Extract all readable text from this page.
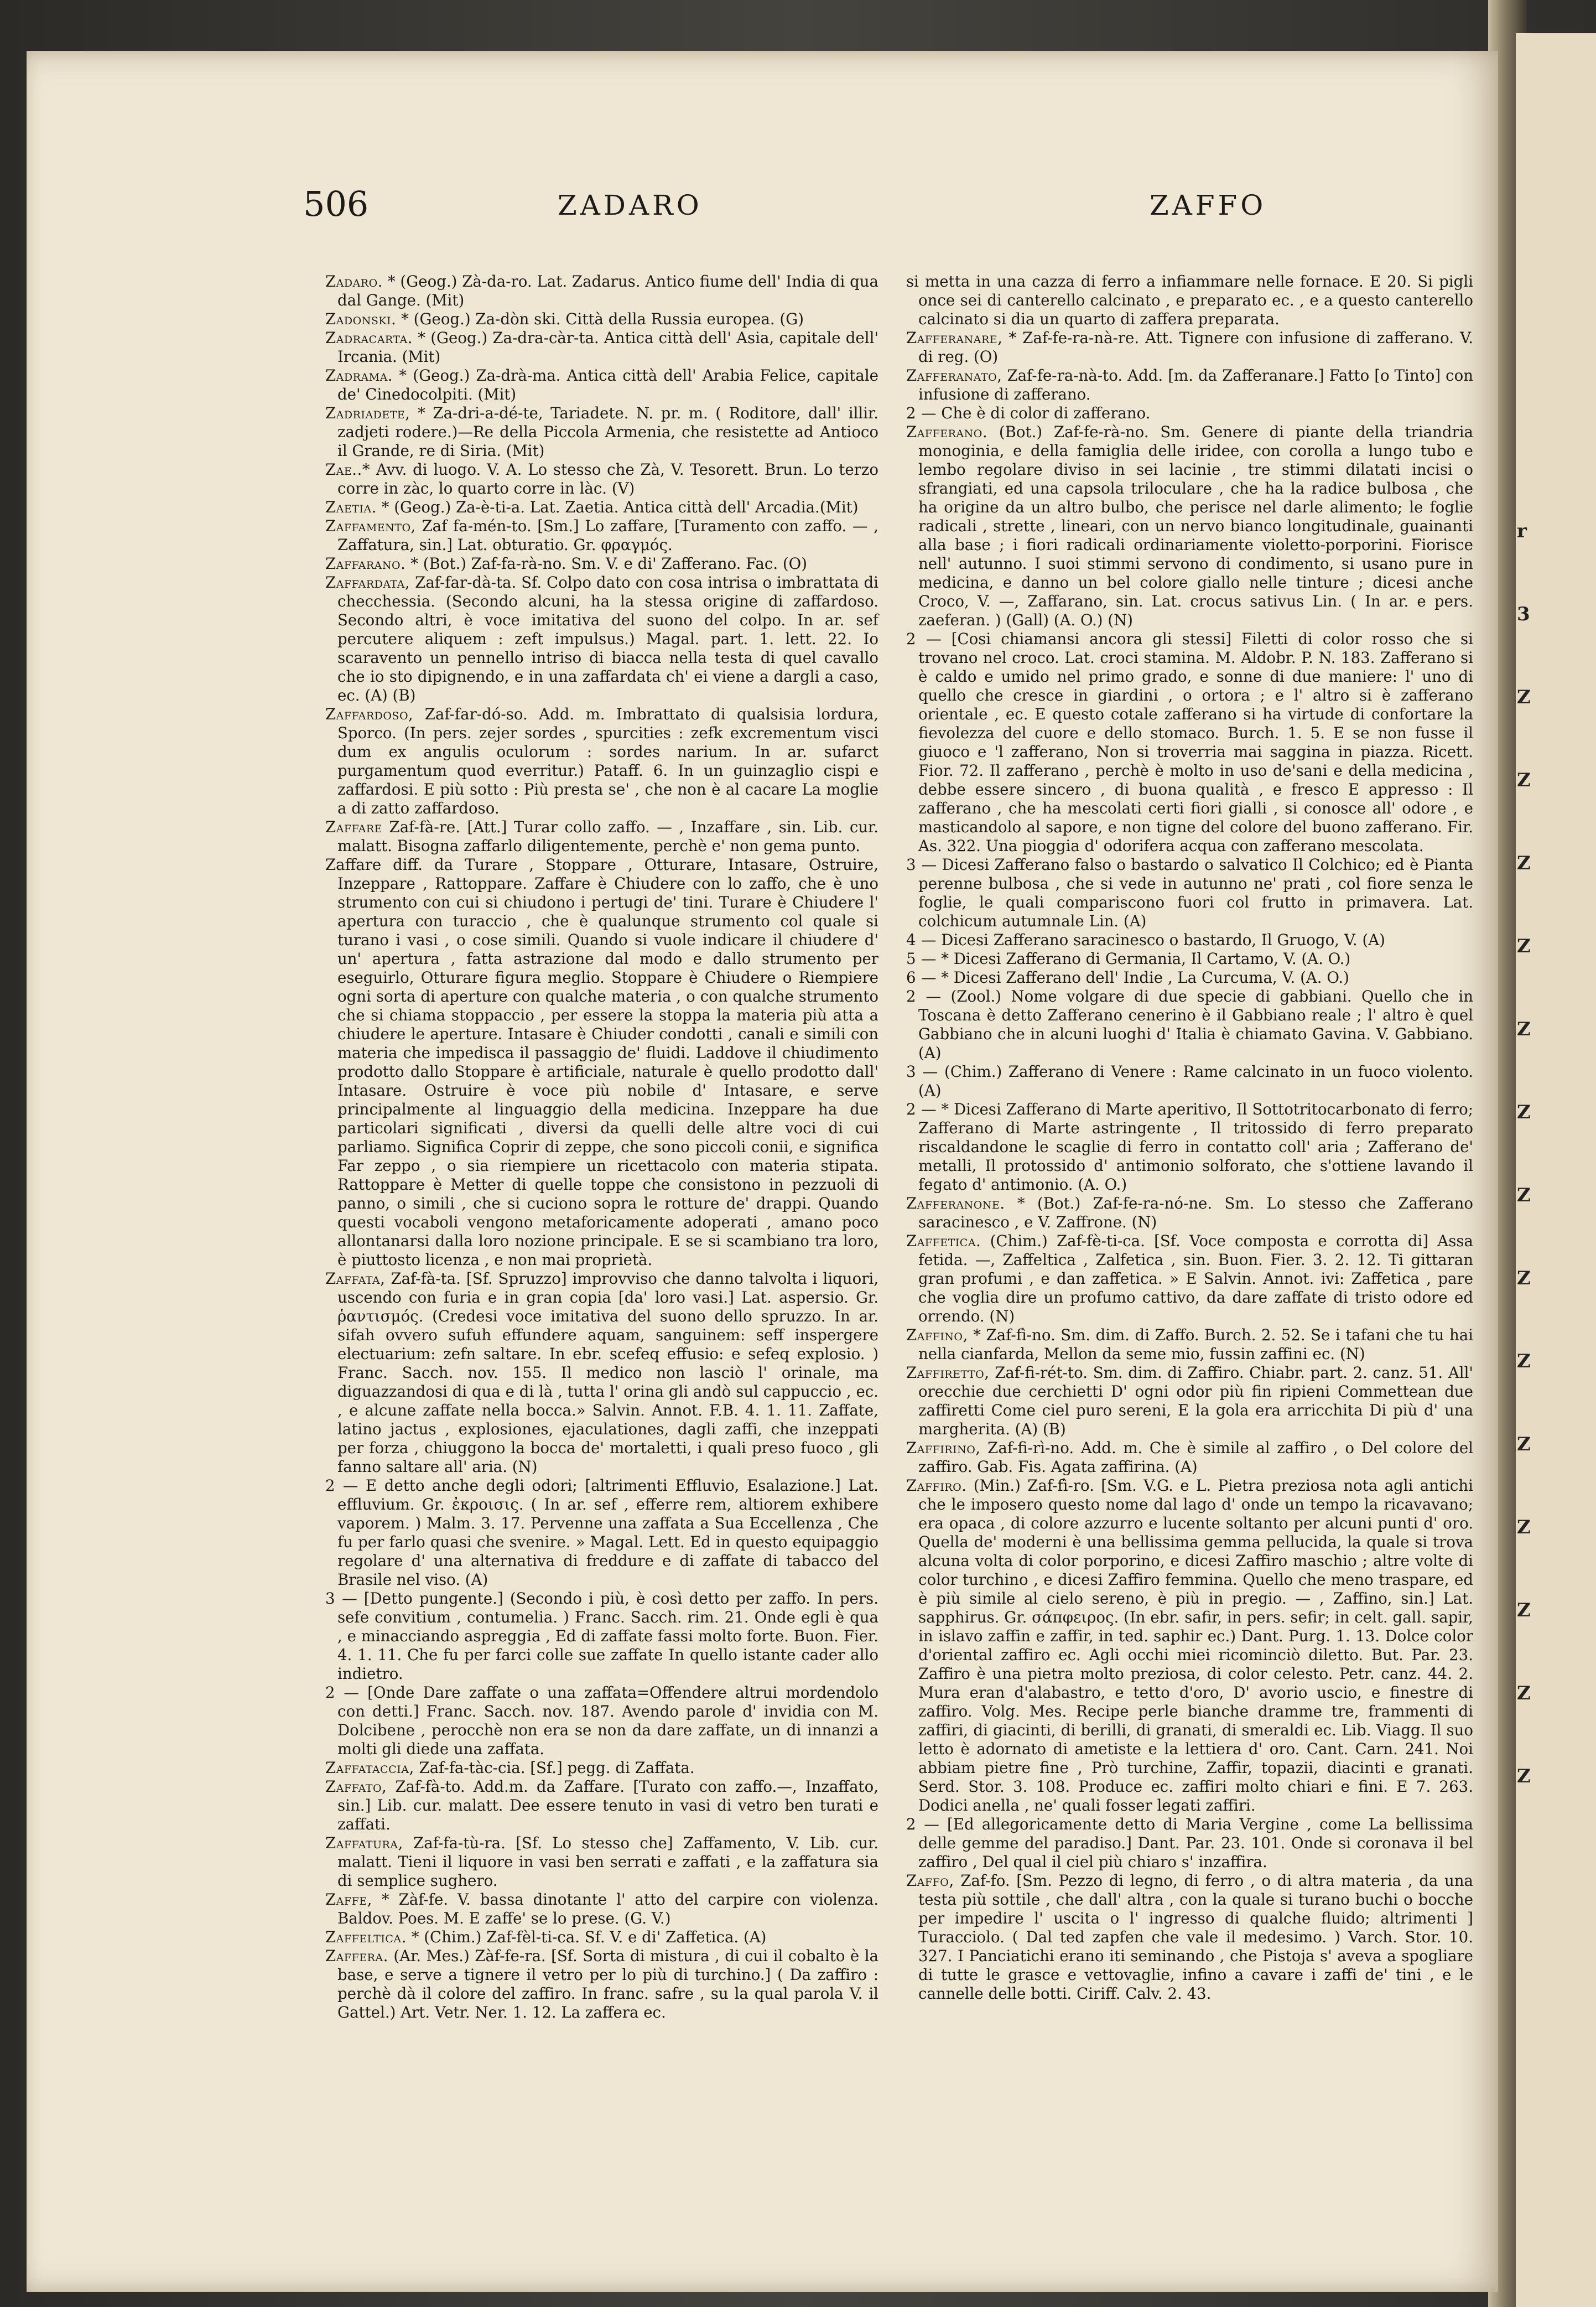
r
3
Z
Z
Z
Z
Z
Z
Z
Z
Z
Z
Z
Z
Z
Z
506	ZADARO	ZAFFO

Zadaro. * (Geog.) Zà-da-ro. Lat. Zadarus. Antico fiume dell' India di qua dal Gange. (Mit)

Zadonski. * (Geog.) Za-dòn ski. Città della Russia europea. (G)

Zadracarta. * (Geog.) Za-dra-càr-ta. Antica città dell' Asia, capitale dell' Ircania. (Mit)

Zadrama. * (Geog.) Za-drà-ma. Antica città dell' Arabia Felice, capitale de' Cinedocolpiti. (Mit)

Zadriadete, * Za-dri-a-dé-te, Tariadete. N. pr. m. ( Roditore, dall' illir. zadjeti rodere.)—Re della Piccola Armenia, che resistette ad Antioco il Grande, re di Siria. (Mit)

Zae..* Avv. di luogo. V. A. Lo stesso che Zà, V. Tesorett. Brun. Lo terzo corre in zàc, lo quarto corre in làc. (V)

Zaetia. * (Geog.) Za-è-ti-a. Lat. Zaetia. Antica città dell' Arcadia.(Mit)

Zaffamento, Zaf fa-mén-to. [Sm.] Lo zaffare, [Turamento con zaffo. — , Zaffatura, sin.] Lat. obturatio. Gr. φραγμός.

Zaffarano. * (Bot.) Zaf-fa-rà-no. Sm. V. e di' Zafferano. Fac. (O)

Zaffardata, Zaf-far-dà-ta. Sf. Colpo dato con cosa intrisa o imbrattata di checchessia. (Secondo alcuni, ha la stessa origine di zaffardoso. Secondo altri, è voce imitativa del suono del colpo. In ar. sef percutere aliquem : zeft impulsus.) Magal. part. 1. lett. 22. Io scaravento un pennello intriso di biacca nella testa di quel cavallo che io sto dipignendo, e in una zaffardata ch' ei viene a dargli a caso, ec. (A) (B)

Zaffardoso, Zaf-far-dó-so. Add. m. Imbrattato di qualsisia lordura, Sporco. (In pers. zejer sordes , spurcities : zefk excrementum visci dum ex angulis oculorum : sordes narium. In ar. sufarct purgamentum quod everritur.) Pataff. 6. In un guinzaglio cispi e zaffardosi. E più sotto : Più presta se' , che non è al cacare La moglie a di zatto zaffardoso.

Zaffare Zaf-fà-re. [Att.] Turar collo zaffo. — , Inzaffare , sin. Lib. cur. malatt. Bisogna zaffarlo diligentemente, perchè e' non gema punto.

Zaffare diff. da Turare , Stoppare , Otturare, Intasare, Ostruire, Inzeppare , Rattoppare. Zaffare è Chiudere con lo zaffo, che è uno strumento con cui si chiudono i pertugi de' tini. Turare è Chiudere l' apertura con turaccio , che è qualunque strumento col quale si turano i vasi , o cose simili. Quando si vuole indicare il chiudere d' un' apertura , fatta astrazione dal modo e dallo strumento per eseguirlo, Otturare figura meglio. Stoppare è Chiudere o Riempiere ogni sorta di aperture con qualche materia , o con qualche strumento che si chiama stoppaccio , per essere la stoppa la materia più atta a chiudere le aperture. Intasare è Chiuder condotti , canali e simili con materia che impedisca il passaggio de' fluidi. Laddove il chiudimento prodotto dallo Stoppare è artificiale, naturale è quello prodotto dall' Intasare. Ostruire è voce più nobile d' Intasare, e serve principalmente al linguaggio della medicina. Inzeppare ha due particolari significati , diversi da quelli delle altre voci di cui parliamo. Significa Coprir di zeppe, che sono piccoli conii, e significa Far zeppo , o sia riempiere un ricettacolo con materia stipata. Rattoppare è Metter di quelle toppe che consistono in pezzuoli di panno, o simili , che si cuciono sopra le rotture de' drappi. Quando questi vocaboli vengono metaforicamente adoperati , amano poco allontanarsi dalla loro nozione principale. E se si scambiano tra loro, è piuttosto licenza , e non mai proprietà.

Zaffata, Zaf-fà-ta. [Sf. Spruzzo] improvviso che danno talvolta i liquori, uscendo con furia e in gran copia [da' loro vasi.] Lat. aspersio. Gr. ῥαντισμός. (Credesi voce imitativa del suono dello spruzzo. In ar. sifah ovvero sufuh effundere aquam, sanguinem: seff inspergere electuarium: zefn saltare. In ebr. scefeq effusio: e sefeq explosio. ) Franc. Sacch. nov. 155. Il medico non lasciò l' orinale, ma diguazzandosi di qua e di là , tutta l' orina gli andò sul cappuccio , ec. , e alcune zaffate nella bocca.» Salvin. Annot. F.B. 4. 1. 11. Zaffate, latino jactus , explosiones, ejaculationes, dagli zaffi, che inzeppati per forza , chiuggono la bocca de' mortaletti, i quali preso fuoco , gli fanno saltare all' aria. (N)

2 — E detto anche degli odori; [altrimenti Effluvio, Esalazione.] Lat. effluvium. Gr. ἐκροισις. ( In ar. sef , efferre rem, altiorem exhibere vaporem. ) Malm. 3. 17. Pervenne una zaffata a Sua Eccellenza , Che fu per farlo quasi che svenire. » Magal. Lett. Ed in questo equipaggio regolare d' una alternativa di freddure e di zaffate di tabacco del Brasile nel viso. (A)

3 — [Detto pungente.] (Secondo i più, è così detto per zaffo. In pers. sefe convitium , contumelia. ) Franc. Sacch. rim. 21. Onde egli è qua , e minacciando aspreggia , Ed di zaffate fassi molto forte. Buon. Fier. 4. 1. 11. Che fu per farci colle sue zaffate In quello istante cader allo indietro.

2 — [Onde Dare zaffate o una zaffata=Offendere altrui mordendolo con detti.] Franc. Sacch. nov. 187. Avendo parole d' invidia con M. Dolcibene , perocchè non era se non da dare zaffate, un di innanzi a molti gli diede una zaffata.

Zaffataccia, Zaf-fa-tàc-cia. [Sf.] pegg. di Zaffata.

Zaffato, Zaf-fà-to. Add.m. da Zaffare. [Turato con zaffo.—, Inzaffato, sin.] Lib. cur. malatt. Dee essere tenuto in vasi di vetro ben turati e zaffati.

Zaffatura, Zaf-fa-tù-ra. [Sf. Lo stesso che] Zaffamento, V. Lib. cur. malatt. Tieni il liquore in vasi ben serrati e zaffati , e la zaffatura sia di semplice sughero.

Zaffe, * Zàf-fe. V. bassa dinotante l' atto del carpire con violenza. Baldov. Poes. M. E zaffe' se lo prese. (G. V.)

Zaffeltica. * (Chim.) Zaf-fèl-ti-ca. Sf. V. e di' Zaffetica. (A)

Zaffera. (Ar. Mes.) Zàf-fe-ra. [Sf. Sorta di mistura , di cui il cobalto è la base, e serve a tignere il vetro per lo più di turchino.] ( Da zaffiro : perchè dà il colore del zaffiro. In franc. safre , su la qual parola V. il Gattel.) Art. Vetr. Ner. 1. 12. La zaffera ec.

si metta in una cazza di ferro a infiammare nelle fornace. E 20. Si pigli once sei di canterello calcinato , e preparato ec. , e a questo canterello calcinato si dia un quarto di zaffera preparata.

Zafferanare, * Zaf-fe-ra-nà-re. Att. Tignere con infusione di zafferano. V. di reg. (O)

Zafferanato, Zaf-fe-ra-nà-to. Add. [m. da Zafferanare.] Fatto [o Tinto] con infusione di zafferano.

2 — Che è di color di zafferano.

Zafferano. (Bot.) Zaf-fe-rà-no. Sm. Genere di piante della triandria monoginia, e della famiglia delle iridee, con corolla a lungo tubo e lembo regolare diviso in sei lacinie , tre stimmi dilatati incisi o sfrangiati, ed una capsola triloculare , che ha la radice bulbosa , che ha origine da un altro bulbo, che perisce nel darle alimento; le foglie radicali , strette , lineari, con un nervo bianco longitudinale, guainanti alla base ; i fiori radicali ordinariamente violetto-porporini. Fiorisce nell' autunno. I suoi stimmi servono di condimento, si usano pure in medicina, e danno un bel colore giallo nelle tinture ; dicesi anche Croco, V. —, Zaffarano, sin. Lat. crocus sativus Lin. ( In ar. e pers. zaeferan. ) (Gall) (A. O.) (N)

2 — [Cosi chiamansi ancora gli stessi] Filetti di color rosso che si trovano nel croco. Lat. croci stamina. M. Aldobr. P. N. 183. Zafferano si è caldo e umido nel primo grado, e sonne di due maniere: l' uno di quello che cresce in giardini , o ortora ; e l' altro si è zafferano orientale , ec. E questo cotale zafferano si ha virtude di confortare la fievolezza del cuore e dello stomaco. Burch. 1. 5. E se non fusse il giuoco e 'l zafferano, Non si troverria mai saggina in piazza. Ricett. Fior. 72. Il zafferano , perchè è molto in uso de'sani e della medicina , debbe essere sincero , di buona qualità , e fresco E appresso : Il zafferano , che ha mescolati certi fiori gialli , si conosce all' odore , e masticandolo al sapore, e non tigne del colore del buono zafferano. Fir. As. 322. Una pioggia d' odorifera acqua con zafferano mescolata.

3 — Dicesi Zafferano falso o bastardo o salvatico Il Colchico; ed è Pianta perenne bulbosa , che si vede in autunno ne' prati , col fiore senza le foglie, le quali compariscono fuori col frutto in primavera. Lat. colchicum autumnale Lin. (A)

4 — Dicesi Zafferano saracinesco o bastardo, Il Gruogo, V. (A)

5 — * Dicesi Zafferano di Germania, Il Cartamo, V. (A. O.)

6 — * Dicesi Zafferano dell' Indie , La Curcuma, V. (A. O.)

2 — (Zool.) Nome volgare di due specie di gabbiani. Quello che in Toscana è detto Zafferano cenerino è il Gabbiano reale ; l' altro è quel Gabbiano che in alcuni luoghi d' Italia è chiamato Gavina. V. Gabbiano. (A)

3 — (Chim.) Zafferano di Venere : Rame calcinato in un fuoco violento. (A)

2 — * Dicesi Zafferano di Marte aperitivo, Il Sottotritocarbonato di ferro; Zafferano di Marte astringente , Il tritossido di ferro preparato riscaldandone le scaglie di ferro in contatto coll' aria ; Zafferano de' metalli, Il protossido d' antimonio solforato, che s'ottiene lavando il fegato d' antimonio. (A. O.)

Zafferanone. * (Bot.) Zaf-fe-ra-nó-ne. Sm. Lo stesso che Zafferano saracinesco , e V. Zaffrone. (N)

Zaffetica. (Chim.) Zaf-fè-ti-ca. [Sf. Voce composta e corrotta di] Assa fetida. —, Zaffeltica , Zalfetica , sin. Buon. Fier. 3. 2. 12. Ti gittaran gran profumi , e dan zaffetica. » E Salvin. Annot. ivi: Zaffetica , pare che voglia dire un profumo cattivo, da dare zaffate di tristo odore ed orrendo. (N)

Zaffino, * Zaf-fì-no. Sm. dim. di Zaffo. Burch. 2. 52. Se i tafani che tu hai nella cianfarda, Mellon da seme mio, fussin zaffini ec. (N)

Zaffiretto, Zaf-fi-rét-to. Sm. dim. di Zaffiro. Chiabr. part. 2. canz. 51. All' orecchie due cerchietti D' ogni odor più fin ripieni Commettean due zaffiretti Come ciel puro sereni, E la gola era arricchita Di più d' una margherita. (A) (B)

Zaffirino, Zaf-fi-rì-no. Add. m. Che è simile al zaffiro , o Del colore del zaffiro. Gab. Fis. Agata zaffirina. (A)

Zaffiro. (Min.) Zaf-fì-ro. [Sm. V.G. e L. Pietra preziosa nota agli antichi che le imposero questo nome dal lago d' onde un tempo la ricavavano; era opaca , di colore azzurro e lucente soltanto per alcuni punti d' oro. Quella de' moderni è una bellissima gemma pellucida, la quale si trova alcuna volta di color porporino, e dicesi Zaffiro maschio ; altre volte di color turchino , e dicesi Zaffiro femmina. Quello che meno traspare, ed è più simile al cielo sereno, è più in pregio. — , Zaffino, sin.] Lat. sapphirus. Gr. σάπφειρος. (In ebr. safir, in pers. sefir; in celt. gall. sapir, in islavo zaffin e zaffir, in ted. saphir ec.) Dant. Purg. 1. 13. Dolce color d'oriental zaffiro ec. Agli occhi miei ricominciò diletto. But. Par. 23. Zaffiro è una pietra molto preziosa, di color celesto. Petr. canz. 44. 2. Mura eran d'alabastro, e tetto d'oro, D' avorio uscio, e finestre di zaffiro. Volg. Mes. Recipe perle bianche dramme tre, frammenti di zaffiri, di giacinti, di berilli, di granati, di smeraldi ec. Lib. Viagg. Il suo letto è adornato di ametiste e la lettiera d' oro. Cant. Carn. 241. Noi abbiam pietre fine , Prò turchine, Zaffir, topazii, diacinti e granati. Serd. Stor. 3. 108. Produce ec. zaffiri molto chiari e fini. E 7. 263. Dodici anella , ne' quali fosser legati zaffiri.

2 — [Ed allegoricamente detto di Maria Vergine , come La bellissima delle gemme del paradiso.] Dant. Par. 23. 101. Onde si coronava il bel zaffiro , Del qual il ciel più chiaro s' inzaffira.

Zaffo, Zaf-fo. [Sm. Pezzo di legno, di ferro , o di altra materia , da una testa più sottile , che dall' altra , con la quale si turano buchi o bocche per impedire l' uscita o l' ingresso di qualche fluido; altrimenti ] Turacciolo. ( Dal ted zapfen che vale il medesimo. ) Varch. Stor. 10. 327. I Panciatichi erano iti seminando , che Pistoja s' aveva a spogliare di tutte le grasce e vettovaglie, infino a cavare i zaffi de' tini , e le cannelle delle botti. Ciriff. Calv. 2. 43.
